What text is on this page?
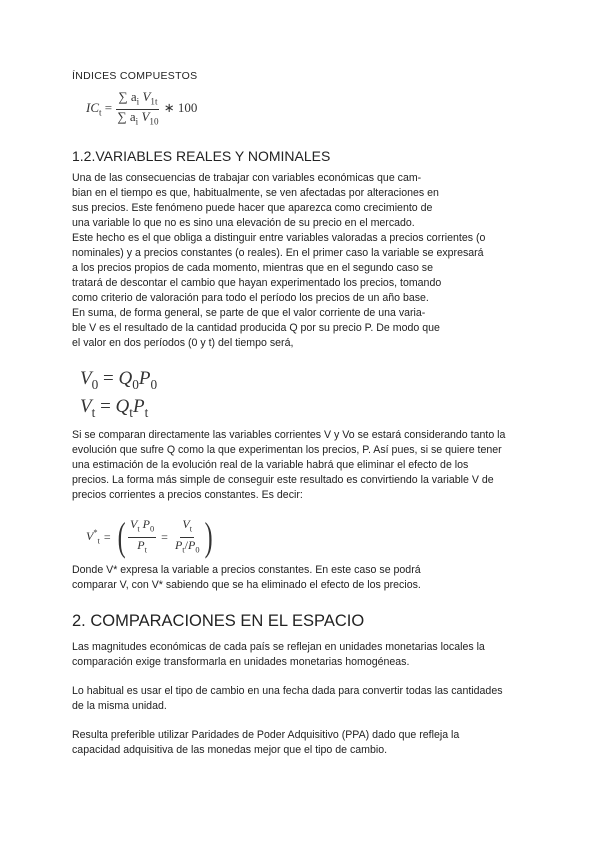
ÍNDICES COMPUESTOS
$IC_t = \frac{\sum a_i V_{1t}}{\sum a_i V_{10}}$ ∗ 100
1.2.VARIABLES REALES Y NOMINALES
Una de las consecuencias de trabajar con variables económicas que cam-
bian en el tiempo es que, habitualmente, se ven afectadas por alteraciones en
sus precios. Este fenómeno puede hacer que aparezca como crecimiento de
una variable lo que no es sino una elevación de su precio en el mercado.
Este hecho es el que obliga a distinguir entre variables valoradas a precios corrientes (o
nominales) y a precios constantes (o reales). En el primer caso la variable se expresará
a los precios propios de cada momento, mientras que en el segundo caso se
tratará de descontar el cambio que hayan experimentado los precios, tomando
como criterio de valoración para todo el período los precios de un año base.
En suma, de forma general, se parte de que el valor corriente de una varia-
ble V es el resultado de la cantidad producida Q por su precio P. De modo que
el valor en dos períodos (0 y t) del tiempo será,
$V_0 = Q_0P_0$
$V_t = Q_tP_t$
Si se comparan directamente las variables corrientes V y Vo se estará considerando tanto la
evolución que sufre Q como la que experimentan los precios, P. Así pues, si se quiere tener
una estimación de la evolución real de la variable habrá que eliminar el efecto de los
precios. La forma más simple de conseguir este resultado es convirtiendo la variable V de
precios corrientes a precios constantes. Es decir:
$V^*_t$ = ( $\frac{V_t P_0}{P_t} = \frac{V_t}{P_t/P_0}$ )
Donde V* expresa la variable a precios constantes. En este caso se podrá
comparar V, con V* sabiendo que se ha eliminado el efecto de los precios.
2. COMPARACIONES EN EL ESPACIO
Las magnitudes económicas de cada país se reflejan en unidades monetarias locales la
comparación exige transformarla en unidades monetarias homogéneas.
Lo habitual es usar el tipo de cambio en una fecha dada para convertir todas las cantidades
de la misma unidad.
Resulta preferible utilizar Paridades de Poder Adquisitivo (PPA) dado que refleja la
capacidad adquisitiva de las monedas mejor que el tipo de cambio.
